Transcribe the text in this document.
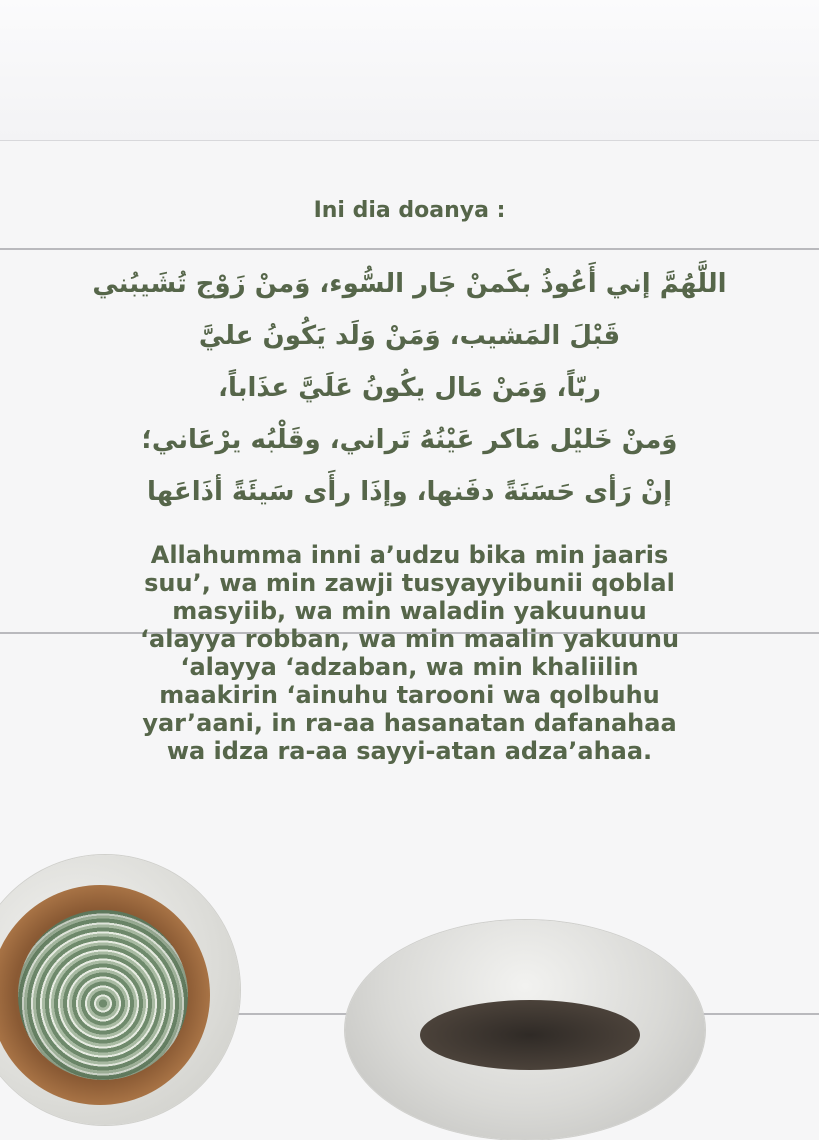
Ini dia doanya :
اللَّهُمَّ إني أَعُوذُ بكَمنْ جَار السُّوء، وَمنْ زَوْج تُشَيبُني
قَبْلَ المَشيب، وَمَنْ وَلَد يَكُونُ عليَّ
ربّاً، وَمَنْ مَال يكُونُ عَلَيَّ عذَاباً،
وَمنْ خَليْل مَاكر عَيْنُهُ تَراني، وقَلْبُه يرْعَاني؛
إنْ رَأى حَسَنَةً دفَنها، وإذَا رأَى سَيئَةً أذَاعَها
Allahumma inni a’udzu bika min jaaris
suu’, wa min zawji tusyayyibunii qoblal
masyiib, wa min waladin yakuunuu
‘alayya robban, wa min maalin yakuunu
‘alayya ‘adzaban, wa min khaliilin
maakirin ‘ainuhu tarooni wa qolbuhu
yar’aani, in ra-aa hasanatan dafanahaa
wa idza ra-aa sayyi-atan adza’ahaa.
